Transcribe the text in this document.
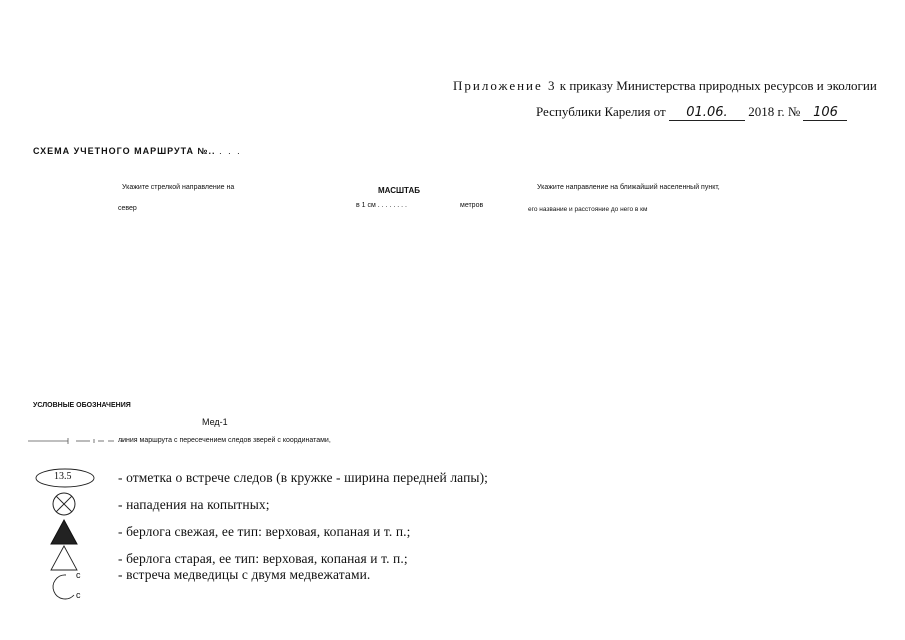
Приложение 3 к приказу Министерства природных ресурсов и экологии
Республики Карелия от 01.06. 2018 г. № 106
СХЕМА УЧЕТНОГО МАРШРУТА №.. . . .
Укажите стрелкой направление на
север
МАСШТАБ
в 1 см . . . . . . . .	метров
Укажите направление на ближайший населенный пункт,
его название и расстояние до него в км
УСЛОВНЫЕ ОБОЗНАЧЕНИЯ
Мед-1
линия маршрута с пересечением следов зверей с координатами,
13.5	- отметка о встрече следов (в кружке - ширина передней лапы);
- нападения на копытных;
- берлога свежая, ее тип: верховая, копаная и т. п.;
- берлога старая, ее тип: верховая, копаная и т. п.;
с
с
- встреча медведицы с двумя медвежатами.
